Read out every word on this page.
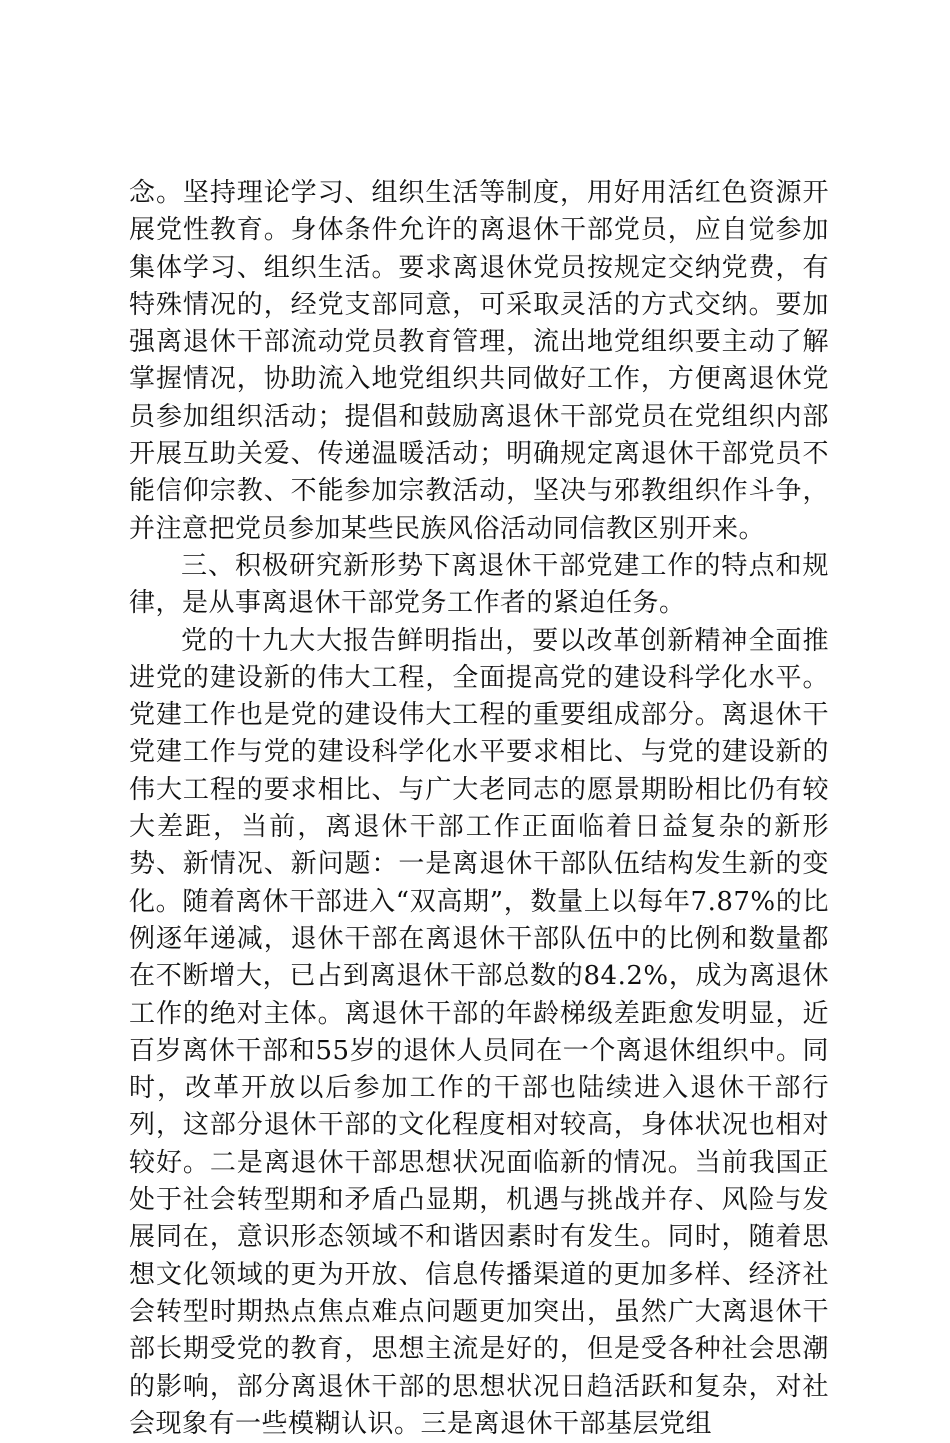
念。坚持理论学习、组织生活等制度，用好用活红色资源开展党性教育。身体条件允许的离退休干部党员，应自觉参加集体学习、组织生活。要求离退休党员按规定交纳党费，有特殊情况的，经党支部同意，可采取灵活的方式交纳。要加强离退休干部流动党员教育管理，流出地党组织要主动了解掌握情况，协助流入地党组织共同做好工作，方便离退休党员参加组织活动；提倡和鼓励离退休干部党员在党组织内部开展互助关爱、传递温暖活动；明确规定离退休干部党员不能信仰宗教、不能参加宗教活动，坚决与邪教组织作斗争，并注意把党员参加某些民族风俗活动同信教区别开来。

三、积极研究新形势下离退休干部党建工作的特点和规律，是从事离退休干部党务工作者的紧迫任务。

党的十九大大报告鲜明指出，要以改革创新精神全面推进党的建设新的伟大工程，全面提高党的建设科学化水平。党建工作也是党的建设伟大工程的重要组成部分。离退休干党建工作与党的建设科学化水平要求相比、与党的建设新的伟大工程的要求相比、与广大老同志的愿景期盼相比仍有较大差距，当前，离退休干部工作正面临着日益复杂的新形势、新情况、新问题：一是离退休干部队伍结构发生新的变化。随着离休干部进入“双高期”，数量上以每年7.87%的比例逐年递减，退休干部在离退休干部队伍中的比例和数量都在不断增大，已占到离退休干部总数的84.2%，成为离退休工作的绝对主体。离退休干部的年龄梯级差距愈发明显，近百岁离休干部和55岁的退休人员同在一个离退休组织中。同时，改革开放以后参加工作的干部也陆续进入退休干部行列，这部分退休干部的文化程度相对较高，身体状况也相对较好。二是离退休干部思想状况面临新的情况。当前我国正处于社会转型期和矛盾凸显期，机遇与挑战并存、风险与发展同在，意识形态领域不和谐因素时有发生。同时，随着思想文化领域的更为开放、信息传播渠道的更加多样、经济社会转型时期热点焦点难点问题更加突出，虽然广大离退休干部长期受党的教育，思想主流是好的，但是受各种社会思潮的影响，部分离退休干部的思想状况日趋活跃和复杂，对社会现象有一些模糊认识。三是离退休干部基层党组
